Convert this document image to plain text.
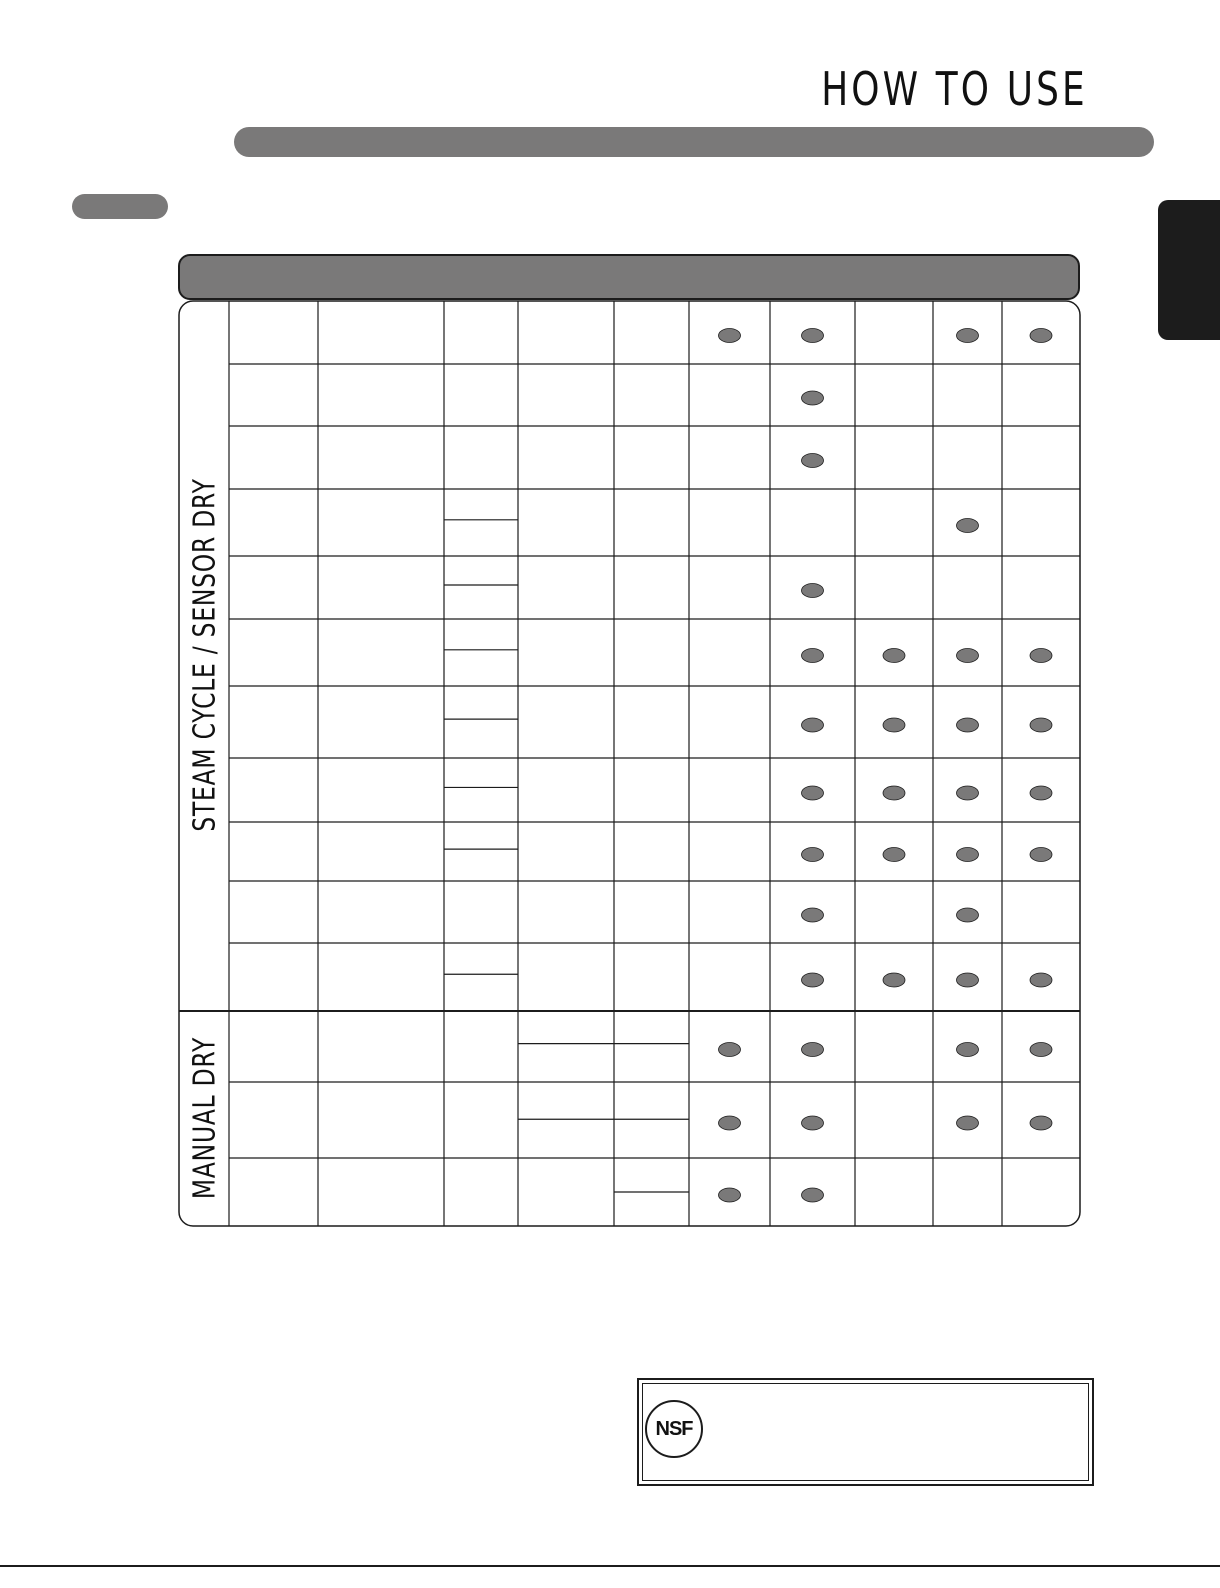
HOW TO USE
STEAM CYCLE / SENSOR DRY
MANUAL DRY
NSF
